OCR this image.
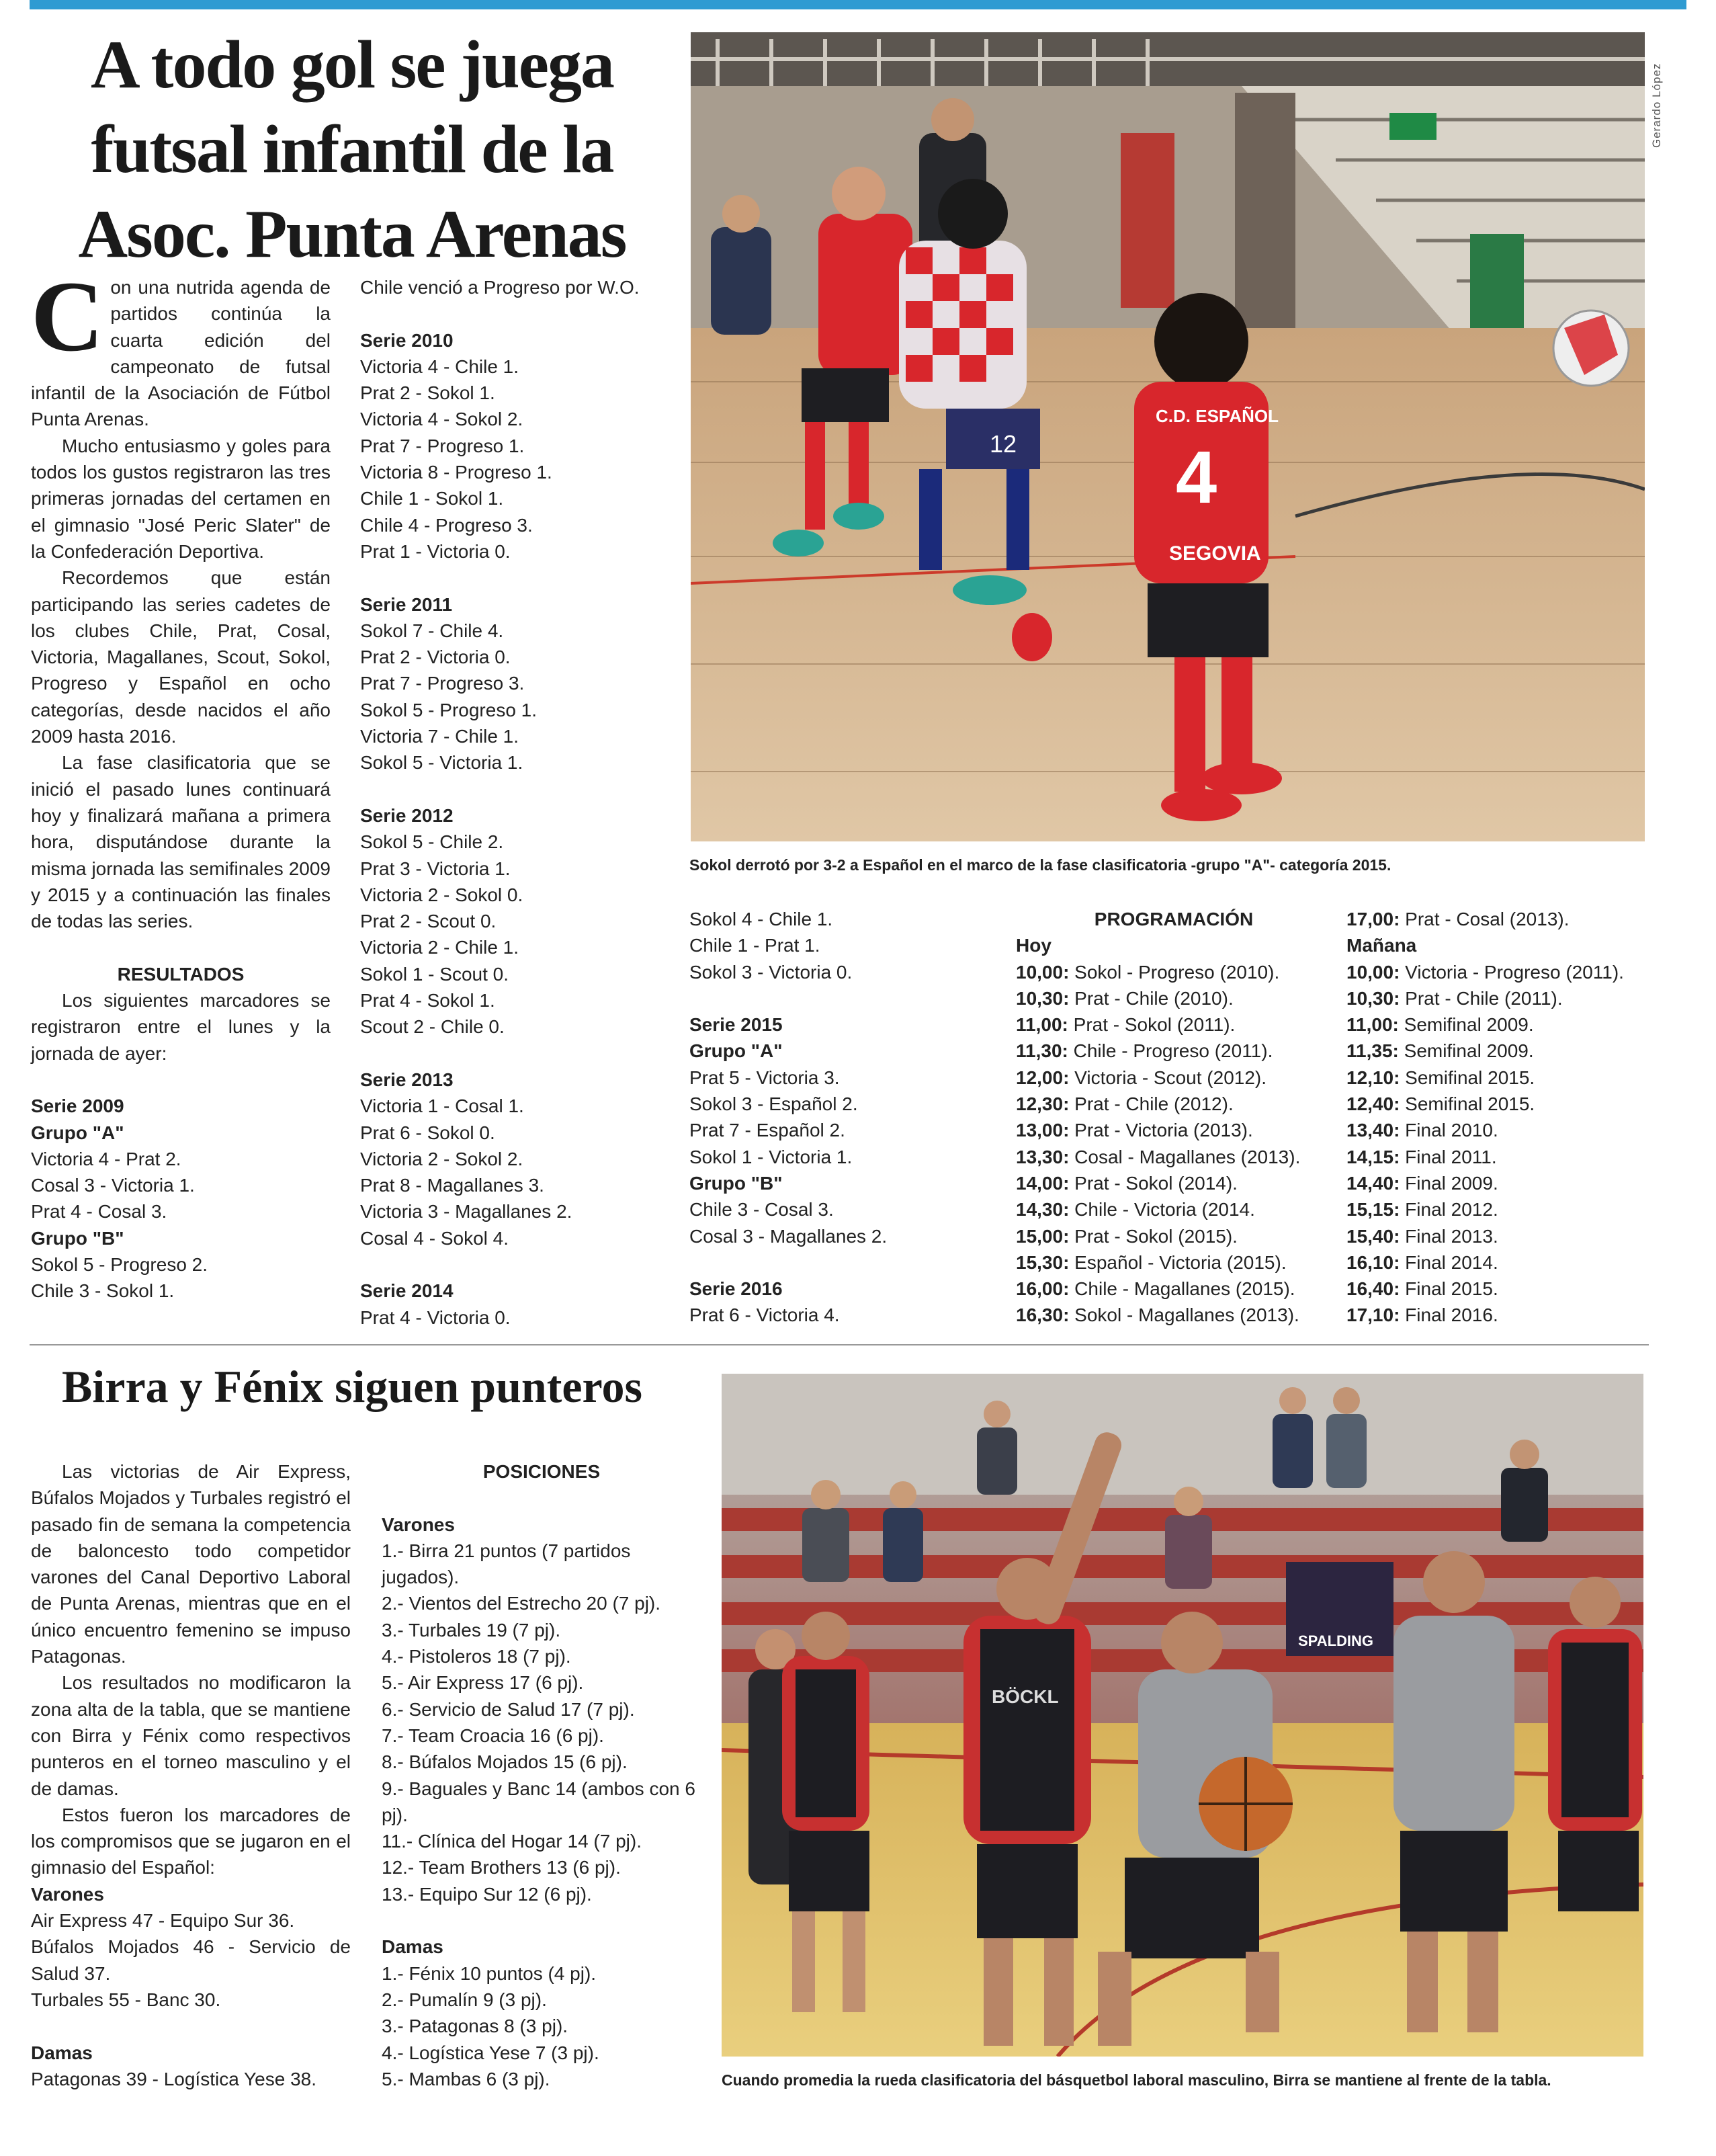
Gerardo López
A todo gol se juega
futsal infantil de la
Asoc. Punta Arenas

Con una nutrida agenda de partidos continúa la cuarta edición del campeonato de futsal infantil de la Asociación de Fútbol Punta Arenas.

Mucho entusiasmo y goles para todos los gustos registraron las tres primeras jornadas del certamen en el gimnasio "José Peric Slater" de la Confederación Deportiva.

Recordemos que están participando las series cadetes de los clubes Chile, Prat, Cosal, Victoria, Magallanes, Scout, Sokol, Progreso y Español en ocho categorías, desde nacidos el año 2009 hasta 2016.

La fase clasificatoria que se inició el pasado lunes continuará hoy y finalizará mañana a primera hora, disputándose durante la misma jornada las semifinales 2009 y 2015 y a continuación las finales de todas las series.

RESULTADOS

Los siguientes marcadores se registraron entre el lunes y la jornada de ayer:

Serie 2009
Grupo "A"
Victoria 4 - Prat 2.
Cosal 3 - Victoria 1.
Prat 4 - Cosal 3.
Grupo "B"
Sokol 5 - Progreso 2.
Chile 3 - Sokol 1.
Chile venció a Progreso por W.O.
Serie 2010
Victoria 4 - Chile 1.
Prat 2 - Sokol 1.
Victoria 4 - Sokol 2.
Prat 7 - Progreso 1.
Victoria 8 - Progreso 1.
Chile 1 - Sokol 1.
Chile 4 - Progreso 3.
Prat 1 - Victoria 0.
Serie 2011
Sokol 7 - Chile 4.
Prat 2 - Victoria 0.
Prat 7 - Progreso 3.
Sokol 5 - Progreso 1.
Victoria 7 - Chile 1.
Sokol 5 - Victoria 1.
Serie 2012
Sokol 5 - Chile 2.
Prat 3 - Victoria 1.
Victoria 2 - Sokol 0.
Prat 2 - Scout 0.
Victoria 2 - Chile 1.
Sokol 1 - Scout 0.
Prat 4 - Sokol 1.
Scout 2 - Chile 0.
Serie 2013
Victoria 1 - Cosal 1.
Prat 6 - Sokol 0.
Victoria 2 - Sokol 2.
Prat 8 - Magallanes 3.
Victoria 3 - Magallanes 2.
Cosal 4 - Sokol 4.
Serie 2014
Prat 4 - Victoria 0.
12
C.D. ESPAÑOL
4
SEGOVIA
Sokol derrotó por 3-2 a Español en el marco de la fase clasificatoria -grupo "A"- categoría 2015.
Sokol 4 - Chile 1.
Chile 1 - Prat 1.
Sokol 3 - Victoria 0.
Serie 2015
Grupo "A"
Prat 5 - Victoria 3.
Sokol 3 - Español 2.
Prat 7 - Español 2.
Sokol 1 - Victoria 1.
Grupo "B"
Chile 3 - Cosal 3.
Cosal 3 - Magallanes 2.
Serie 2016
Prat 6 - Victoria 4.
PROGRAMACIÓN
Hoy
10,00: Sokol - Progreso (2010).
10,30: Prat - Chile (2010).
11,00: Prat - Sokol (2011).
11,30: Chile - Progreso (2011).
12,00: Victoria - Scout (2012).
12,30: Prat - Chile (2012).
13,00: Prat - Victoria (2013).
13,30: Cosal - Magallanes (2013).
14,00: Prat - Sokol (2014).
14,30: Chile - Victoria (2014.
15,00: Prat - Sokol (2015).
15,30: Español - Victoria (2015).
16,00: Chile - Magallanes (2015).
16,30: Sokol - Magallanes (2013).
17,00: Prat - Cosal (2013).
Mañana
10,00: Victoria - Progreso (2011).
10,30: Prat - Chile (2011).
11,00: Semifinal 2009.
11,35: Semifinal 2009.
12,10: Semifinal 2015.
12,40: Semifinal 2015.
13,40: Final 2010.
14,15: Final 2011.
14,40: Final 2009.
15,15: Final 2012.
15,40: Final 2013.
16,10: Final 2014.
16,40: Final 2015.
17,10: Final 2016.
Birra y Fénix siguen punteros

Las victorias de Air Express, Búfalos Mojados y Turbales registró el pasado fin de semana la competencia de baloncesto todo competidor varones del Canal Deportivo Laboral de Punta Arenas, mientras que en el único encuentro femenino se impuso Patagonas.

Los resultados no modificaron la zona alta de la tabla, que se mantiene con Birra y Fénix como respectivos punteros en el torneo masculino y el de damas.

Estos fueron los marcadores de los compromisos que se jugaron en el gimnasio del Español:

Varones
Air Express 47 - Equipo Sur 36.

Búfalos Mojados 46 - Servicio de Salud 37.

Turbales 55 - Banc 30.
Damas
Patagonas 39 - Logística Yese 38.
POSICIONES
Varones

1.- Birra 21 puntos (7 partidos jugados).

2.- Vientos del Estrecho 20 (7 pj).

3.- Turbales 19 (7 pj).

4.- Pistoleros 18 (7 pj).

5.- Air Express 17 (6 pj).

6.- Servicio de Salud 17 (7 pj).

7.- Team Croacia 16 (6 pj).

8.- Búfalos Mojados 15 (6 pj).

9.- Baguales y Banc 14 (ambos con 6 pj).

11.- Clínica del Hogar 14 (7 pj).

12.- Team Brothers 13 (6 pj).

13.- Equipo Sur 12 (6 pj).

Damas

1.- Fénix 10 puntos (4 pj).

2.- Pumalín 9 (3 pj).

3.- Patagonas 8 (3 pj).

4.- Logística Yese 7 (3 pj).

5.- Mambas 6 (3 pj).

SPALDING
BÖCKL
Cuando promedia la rueda clasificatoria del básquetbol laboral masculino, Birra se mantiene al frente de la tabla.
